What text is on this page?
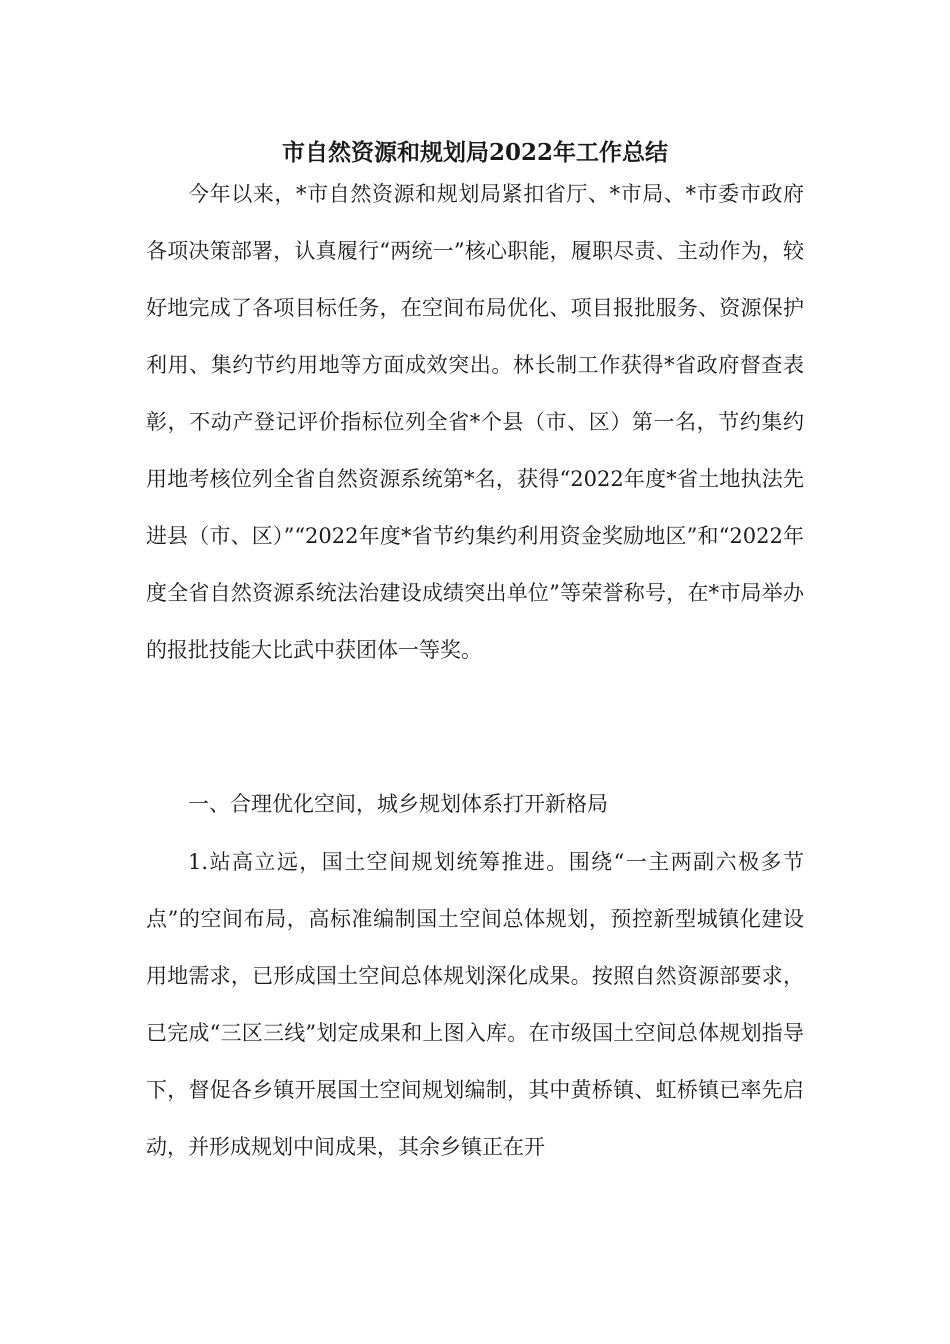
市自然资源和规划局2022年工作总结

今年以来，*市自然资源和规划局紧扣省厅、*市局、*市委市政府各项决策部署，认真履行“两统一”核心职能，履职尽责、主动作为，较好地完成了各项目标任务，在空间布局优化、项目报批服务、资源保护利用、集约节约用地等方面成效突出。林长制工作获得*省政府督查表彰，不动产登记评价指标位列全省*个县（市、区）第一名，节约集约用地考核位列全省自然资源系统第*名，获得“2022年度*省土地执法先进县（市、区）”“2022年度*省节约集约利用资金奖励地区”和“2022年度全省自然资源系统法治建设成绩突出单位”等荣誉称号，在*市局举办的报批技能大比武中获团体一等奖。

一、合理优化空间，城乡规划体系打开新格局

1.站高立远，国土空间规划统筹推进。围绕“一主两副六极多节点”的空间布局，高标准编制国土空间总体规划，预控新型城镇化建设用地需求，已形成国土空间总体规划深化成果。按照自然资源部要求，已完成“三区三线”划定成果和上图入库。在市级国土空间总体规划指导下，督促各乡镇开展国土空间规划编制，其中黄桥镇、虹桥镇已率先启动，并形成规划中间成果，其余乡镇正在开
